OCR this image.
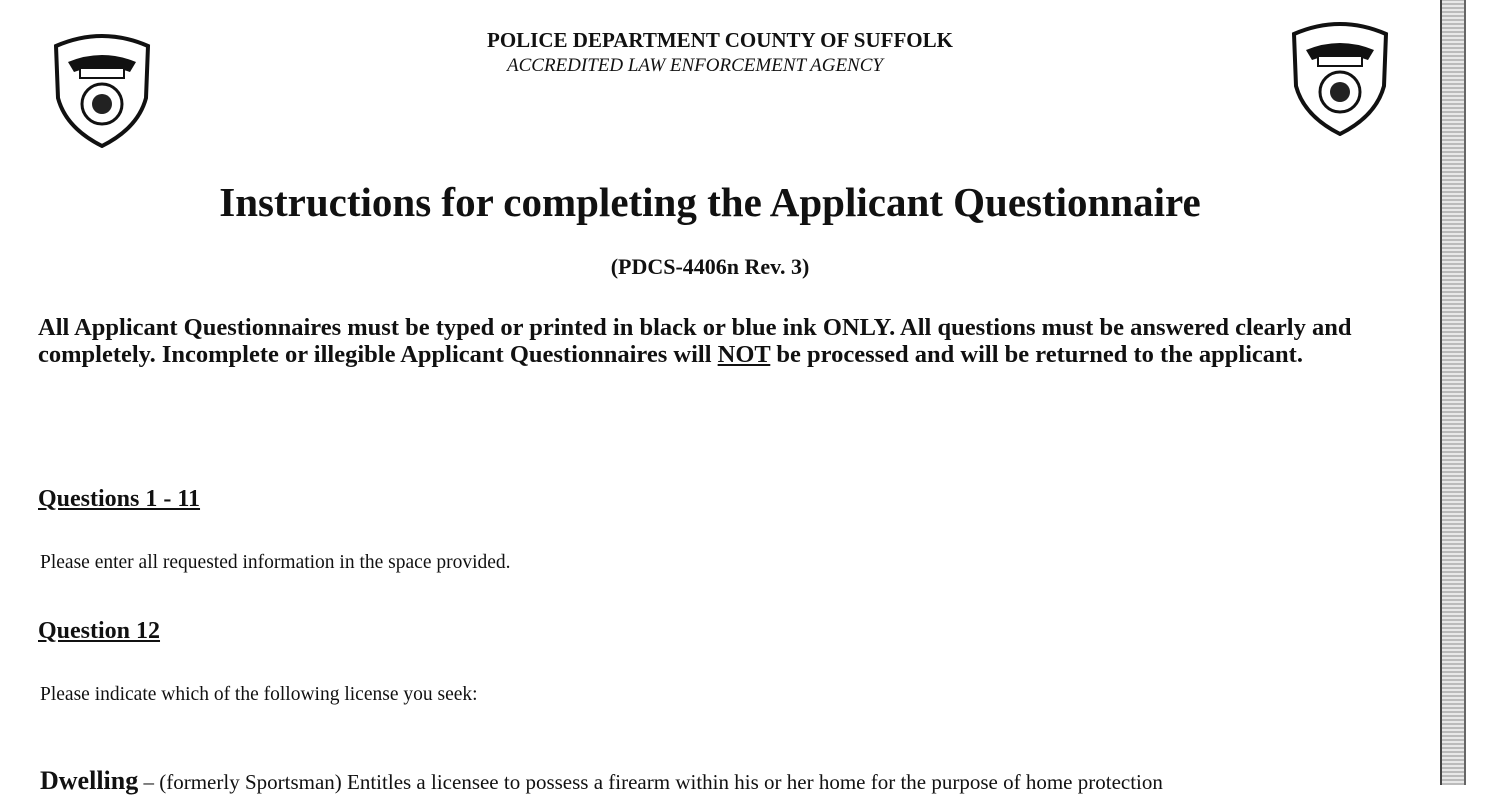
POLICE DEPARTMENT COUNTY OF SUFFOLK
ACCREDITED LAW ENFORCEMENT AGENCY
Instructions for completing the Applicant Questionnaire
(PDCS-4406n Rev. 3)
All Applicant Questionnaires must be typed or printed in black or blue ink ONLY. All questions must be answered clearly and completely. Incomplete or illegible Applicant Questionnaires will NOT be processed and will be returned to the applicant.
Questions 1 - 11
Please enter all requested information in the space provided.
Question 12
Please indicate which of the following license you seek:
Dwelling – (formerly Sportsman) Entitles a licensee to possess a firearm within his or her home for the purpose of home protection
